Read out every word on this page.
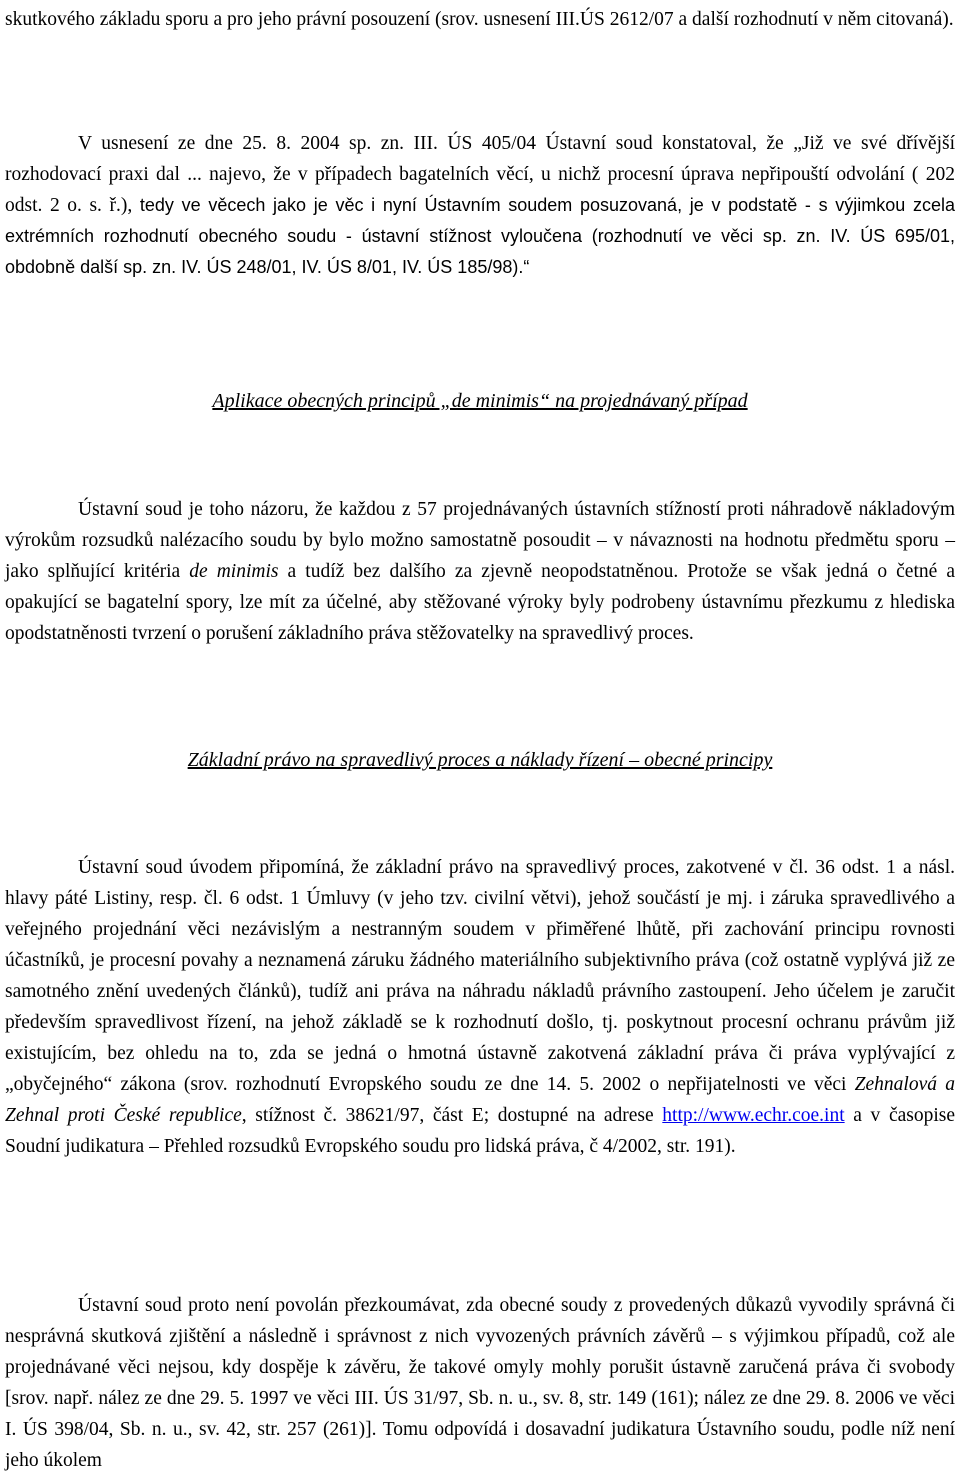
skutkového základu sporu a pro jeho právní posouzení (srov. usnesení III.ÚS 2612/07 a další rozhodnutí v něm citovaná).

V usnesení ze dne 25. 8. 2004 sp. zn. III. ÚS 405/04 Ústavní soud konstatoval, že „Již ve své dřívější rozhodovací praxi dal ... najevo, že v případech bagatelních věcí, u nichž procesní úprava nepřipouští odvolání ( 202 odst. 2 o. s. ř.), tedy ve věcech jako je věc i nyní Ústavním soudem posuzovaná, je v podstatě - s výjimkou zcela extrémních rozhodnutí obecného soudu - ústavní stížnost vyloučena (rozhodnutí ve věci sp. zn. IV. ÚS 695/01, obdobně další sp. zn. IV. ÚS 248/01, IV. ÚS 8/01, IV. ÚS 185/98).“

Aplikace obecných principů „de minimis“ na projednávaný případ

Ústavní soud je toho názoru, že každou z 57 projednávaných ústavních stížností proti náhradově nákladovým výrokům rozsudků nalézacího soudu by bylo možno samostatně posoudit – v návaznosti na hodnotu předmětu sporu – jako splňující kritéria de minimis a tudíž bez dalšího za zjevně neopodstatněnou. Protože se však jedná o četné a opakující se bagatelní spory, lze mít za účelné, aby stěžované výroky byly podrobeny ústavnímu přezkumu z hlediska opodstatněnosti tvrzení o porušení základního práva stěžovatelky na spravedlivý proces.

Základní právo na spravedlivý proces a náklady řízení – obecné principy

Ústavní soud úvodem připomíná, že základní právo na spravedlivý proces, zakotvené v čl. 36 odst. 1 a násl. hlavy páté Listiny, resp. čl. 6 odst. 1 Úmluvy (v jeho tzv. civilní větvi), jehož součástí je mj. i záruka spravedlivého a veřejného projednání věci nezávislým a nestranným soudem v přiměřené lhůtě, při zachování principu rovnosti účastníků, je procesní povahy a neznamená záruku žádného materiálního subjektivního práva (což ostatně vyplývá již ze samotného znění uvedených článků), tudíž ani práva na náhradu nákladů právního zastoupení. Jeho účelem je zaručit především spravedlivost řízení, na jehož základě se k rozhodnutí došlo, tj. poskytnout procesní ochranu právům již existujícím, bez ohledu na to, zda se jedná o hmotná ústavně zakotvená základní práva či práva vyplývající z „obyčejného“ zákona (srov. rozhodnutí Evropského soudu ze dne 14. 5. 2002 o nepřijatelnosti ve věci Zehnalová a Zehnal proti České republice, stížnost č. 38621/97, část E; dostupné na adrese http://www.echr.coe.int a v časopise Soudní judikatura – Přehled rozsudků Evropského soudu pro lidská práva, č 4/2002, str. 191).

Ústavní soud proto není povolán přezkoumávat, zda obecné soudy z provedených důkazů vyvodily správná či nesprávná skutková zjištění a následně i správnost z nich vyvozených právních závěrů – s výjimkou případů, což ale projednávané věci nejsou, kdy dospěje k závěru, že takové omyly mohly porušit ústavně zaručená práva či svobody [srov. např. nález ze dne 29. 5. 1997 ve věci III. ÚS 31/97, Sb. n. u., sv. 8, str. 149 (161); nález ze dne 29. 8. 2006 ve věci I. ÚS 398/04, Sb. n. u., sv. 42, str. 257 (261)]. Tomu odpovídá i dosavadní judikatura Ústavního soudu, podle níž není jeho úkolem
